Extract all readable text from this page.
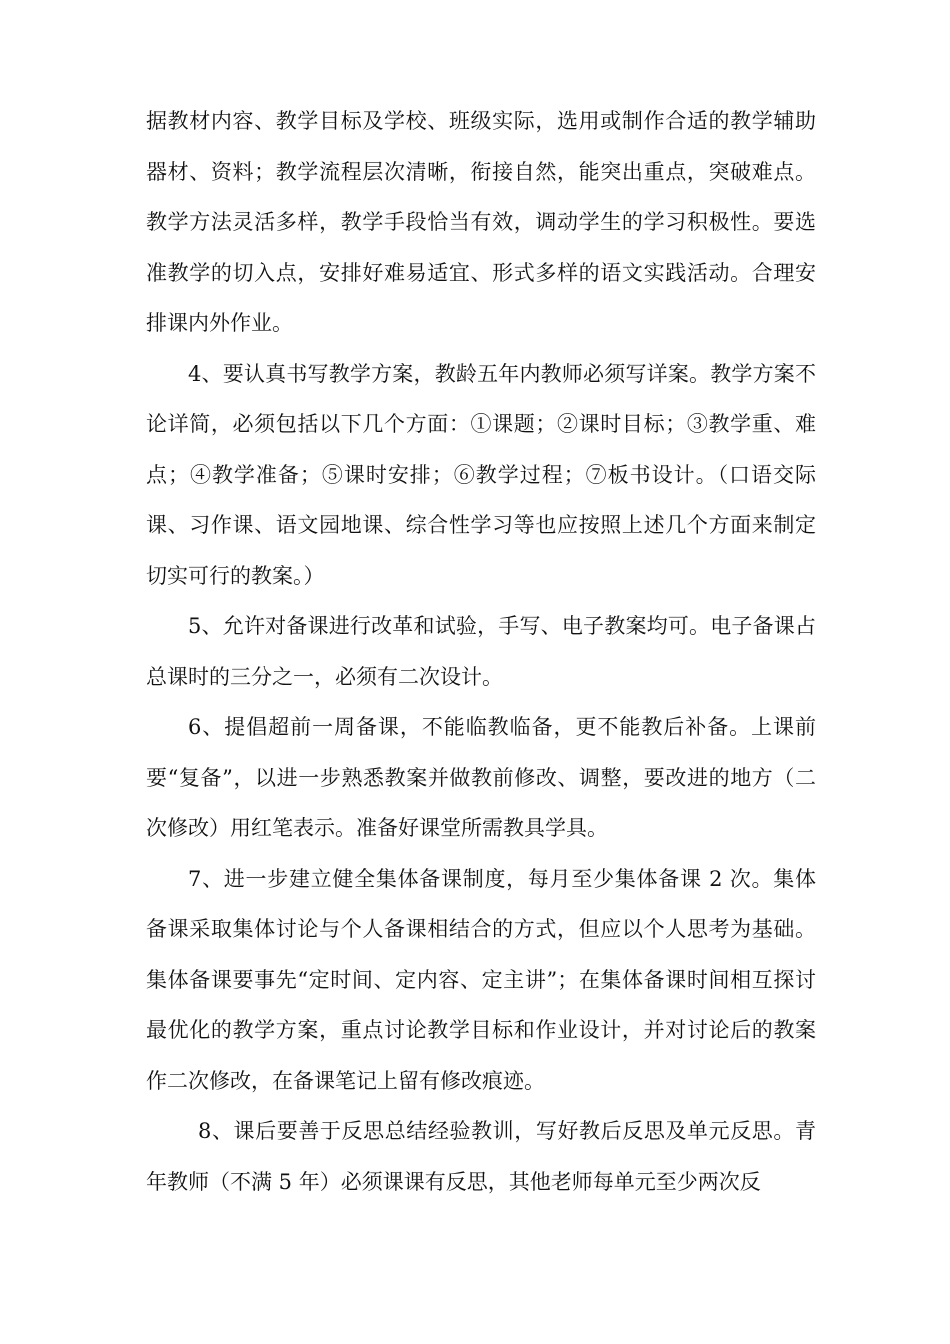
据教材内容、教学目标及学校、班级实际，选用或制作合适的教学辅助器材、资料；教学流程层次清晰，衔接自然，能突出重点，突破难点。教学方法灵活多样，教学手段恰当有效，调动学生的学习积极性。要选准教学的切入点，安排好难易适宜、形式多样的语文实践活动。合理安排课内外作业。

4、要认真书写教学方案，教龄五年内教师必须写详案。教学方案不论详简，必须包括以下几个方面：①课题；②课时目标；③教学重、难点；④教学准备；⑤课时安排；⑥教学过程；⑦板书设计。（口语交际课、习作课、语文园地课、综合性学习等也应按照上述几个方面来制定切实可行的教案。）

5、允许对备课进行改革和试验，手写、电子教案均可。电子备课占总课时的三分之一，必须有二次设计。

6、提倡超前一周备课，不能临教临备，更不能教后补备。上课前要“复备”，以进一步熟悉教案并做教前修改、调整，要改进的地方（二次修改）用红笔表示。准备好课堂所需教具学具。

7、进一步建立健全集体备课制度，每月至少集体备课 2 次。集体备课采取集体讨论与个人备课相结合的方式，但应以个人思考为基础。集体备课要事先“定时间、定内容、定主讲”；在集体备课时间相互探讨最优化的教学方案，重点讨论教学目标和作业设计，并对讨论后的教案作二次修改，在备课笔记上留有修改痕迹。

8、课后要善于反思总结经验教训，写好教后反思及单元反思。青年教师（不满 5 年）必须课课有反思，其他老师每单元至少两次反
